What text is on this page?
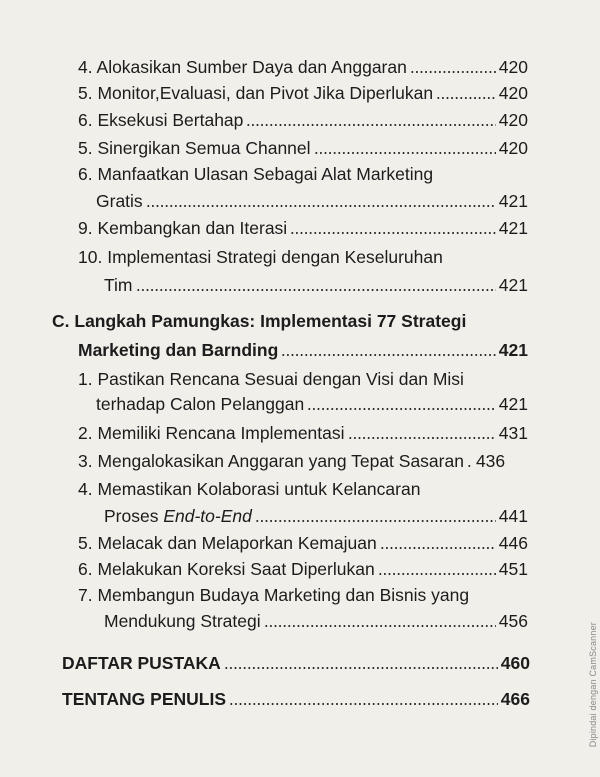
4. Alokasikan Sumber Daya dan Anggaran	420
5. Monitor,Evaluasi, dan Pivot Jika Diperlukan	420
6. Eksekusi Bertahap	420
5. Sinergikan Semua Channel	420
6. Manfaatkan Ulasan Sebagai Alat Marketing
Gratis	421
9. Kembangkan dan Iterasi	421
10. Implementasi Strategi dengan Keseluruhan
Tim	421
C. Langkah Pamungkas: Implementasi 77 Strategi
Marketing dan Barnding	421
1. Pastikan Rencana Sesuai dengan Visi dan Misi
terhadap Calon Pelanggan	421
2. Memiliki Rencana Implementasi	431
3. Mengalokasikan Anggaran yang Tepat Sasaran 436
4. Memastikan Kolaborasi untuk Kelancaran
Proses End-to-End	441
5. Melacak dan Melaporkan Kemajuan	446
6. Melakukan Koreksi Saat Diperlukan	451
7. Membangun Budaya Marketing dan Bisnis yang
Mendukung Strategi	456
DAFTAR PUSTAKA	460
TENTANG PENULIS	466	Dipindai dengan CamScanner
